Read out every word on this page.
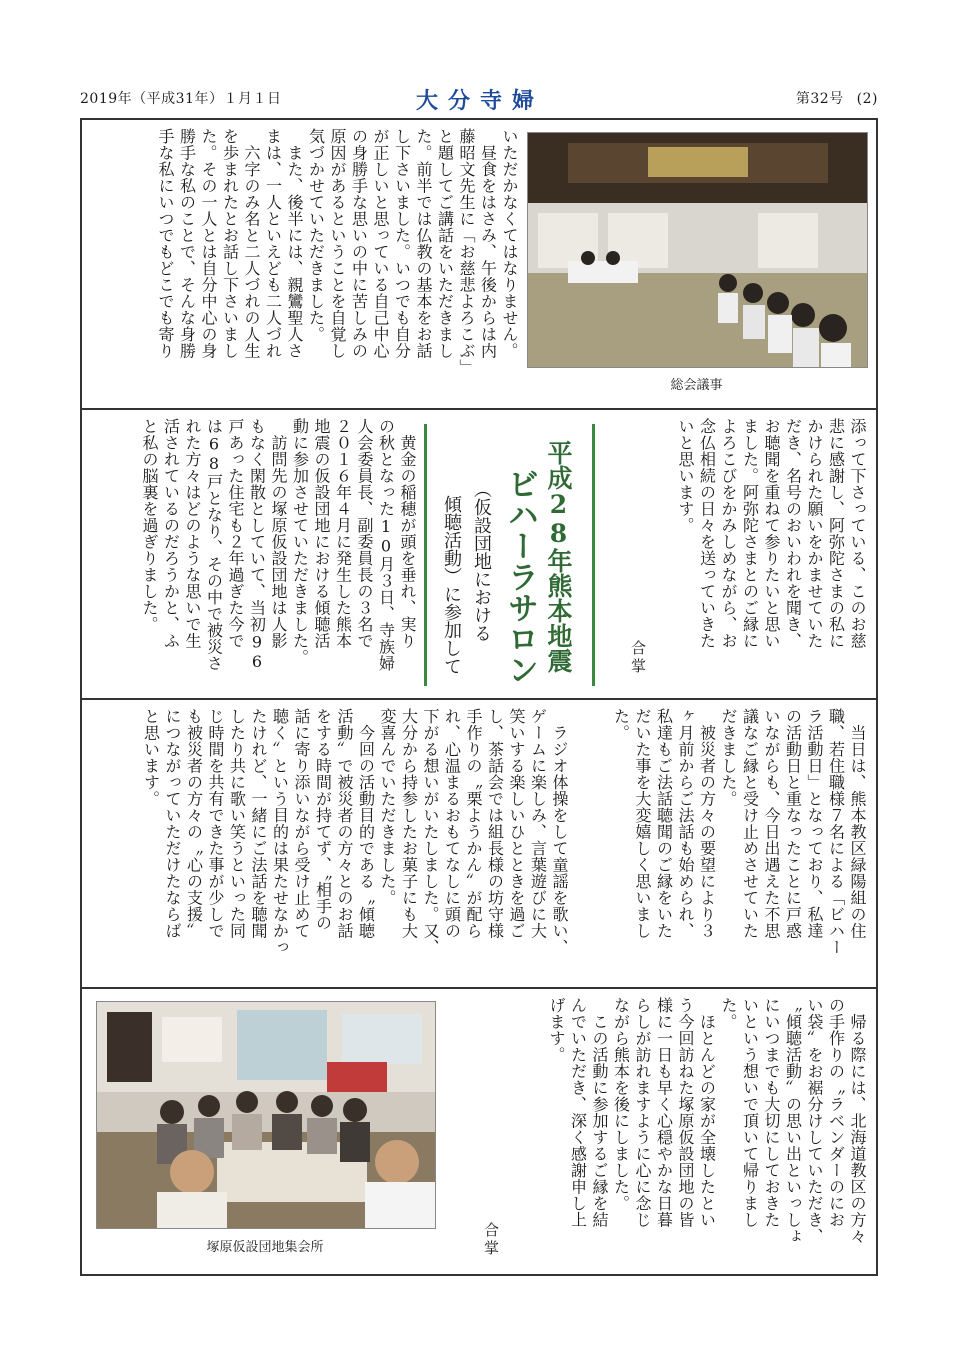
2019年（平成31年）１月１日	大分寺婦	第32号 (2)
いただかなくてはなりません。
　昼食をはさみ、午後からは内
藤昭文先生に「お慈悲よろこぶ」
と題してご講話をいただきまし
た。前半では仏教の基本をお話
し下さいました。いつでも自分
が正しいと思っている自己中心
の身勝手な思いの中に苦しみの
原因があるということを自覚し
気づかせていただきました。
　また、後半には、親鸞聖人さ
まは、一人といえども二人づれ
　六字のみ名と二人づれの人生
を歩まれたとお話し下さいまし
た。その一人とは自分中心の身
勝手な私のことで、そんな身勝
手な私にいつでもどこでも寄り
総会議事
添って下さっている、このお慈
悲に感謝し、阿弥陀さまの私に
かけられた願いをかませていた
だき、名号のおいわれを聞き、
お聴聞を重ねて参りたいと思い
ました。阿弥陀さまとのご縁に
よろこびをかみしめながら、お
念仏相続の日々を送っていきた
いと思います。
合掌
平成28年熊本地震
ビハーラサロン
（仮設団地における
傾聴活動）に参加して
　黄金の稲穂が頭を垂れ、実り
の秋となった10月３日、寺族婦
人会委員長、副委員長の３名で
２０１６年４月に発生した熊本
地震の仮設団地における傾聴活
動に参加させていただきました。
　訪問先の塚原仮設団地は人影
もなく閑散としていて、当初96
戸あった住宅も２年過ぎた今で
は68戸となり、その中で被災さ
れた方々はどのような思いで生
活されているのだろうかと、ふ
と私の脳裏を過ぎりました。
　当日は、熊本教区緑陽組の住
職、若住職様７名による「ビハー
ラ活動日」となっており、私達
の活動日と重なったことに戸惑
いながらも、今日出遇えた不思
議なご縁と受け止めさせていた
だきました。
　被災者の方々の要望により３
ヶ月前からご法話も始められ、
私達もご法話聴聞のご縁をいた
だいた事を大変嬉しく思いまし
た。
　ラジオ体操をして童謡を歌い、
ゲームに楽しみ、言葉遊びに大
笑いする楽しいひとときを過ご
し、茶話会では組長様の坊守様
手作りの〝栗ようかん〟が配ら
れ、心温まるおもてなしに頭の
下がる想いがいたしました。又、
大分から持参したお菓子にも大
変喜んでいただきました。
　今回の活動目的である〝傾聴
活動〟で被災者の方々とのお話
をする時間が持てず、〝相手の
話に寄り添いながら受け止めて
聴く〟という目的は果たせなかっ
たけれど、一緒にご法話を聴聞
したり共に歌い笑うといった同
じ時間を共有できた事が少しで
も被災者の方々の〝心の支援〟
につながっていただけたならば
と思います。
　帰る際には、北海道教区の方々
の手作りの〝ラベンダーのにお
い袋〟をお裾分けしていただき、
〝傾聴活動〟の思い出といっしょ
にいつまでも大切にしておきた
いという想いで頂いて帰りまし
た。
　ほとんどの家が全壊したとい
う今回訪ねた塚原仮設団地の皆
様に一日も早く心穏やかな日暮
らしが訪れますように心に念じ
ながら熊本を後にしました。
　この活動に参加するご縁を結
んでいただき、深く感謝申し上
げます。
合掌
塚原仮設団地集会所
